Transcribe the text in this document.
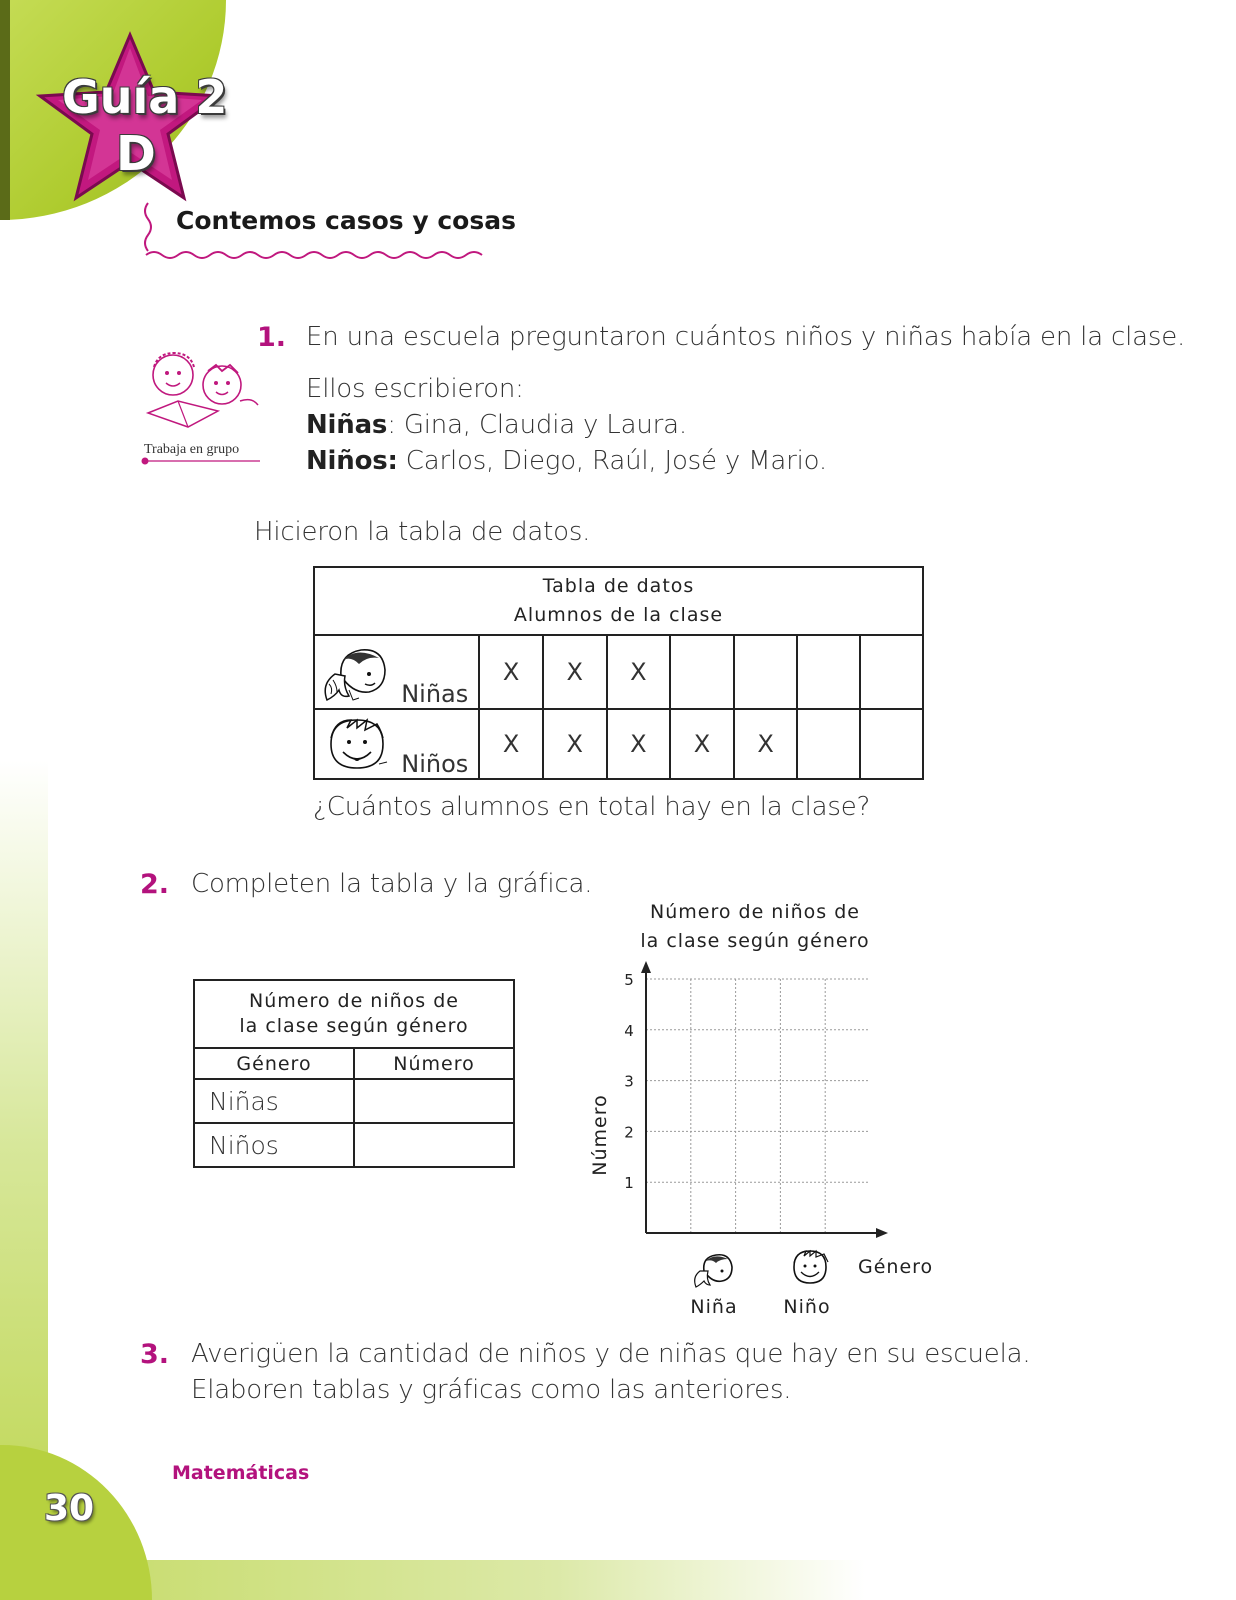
Guía 2
D
Contemos casos y cosas
Trabaja en grupo
1. En una escuela preguntaron cuántos niños y niñas había en la clase.
Ellos escribieron:
Niñas: Gina, Claudia y Laura.
Niños: Carlos, Diego, Raúl, José y Mario.
Hicieron la tabla de datos.
Tabla de datos
Alumnos de la clase							

Niñas	X	X	X				

Niños	X	X	X	X	X		
¿Cuántos alumnos en total hay en la clase?
2. Completen la tabla y la gráfica.
Número de niños de
la clase según género	

Género	Número
Niñas	
Niños	
Número de niños de
la clase según género
1
2
3
4
5
Número
Género
Niña Niño
3. Averigüen la cantidad de niños y de niñas que hay en su escuela.
Elaboren tablas y gráficas como las anteriores.
Matemáticas
30
